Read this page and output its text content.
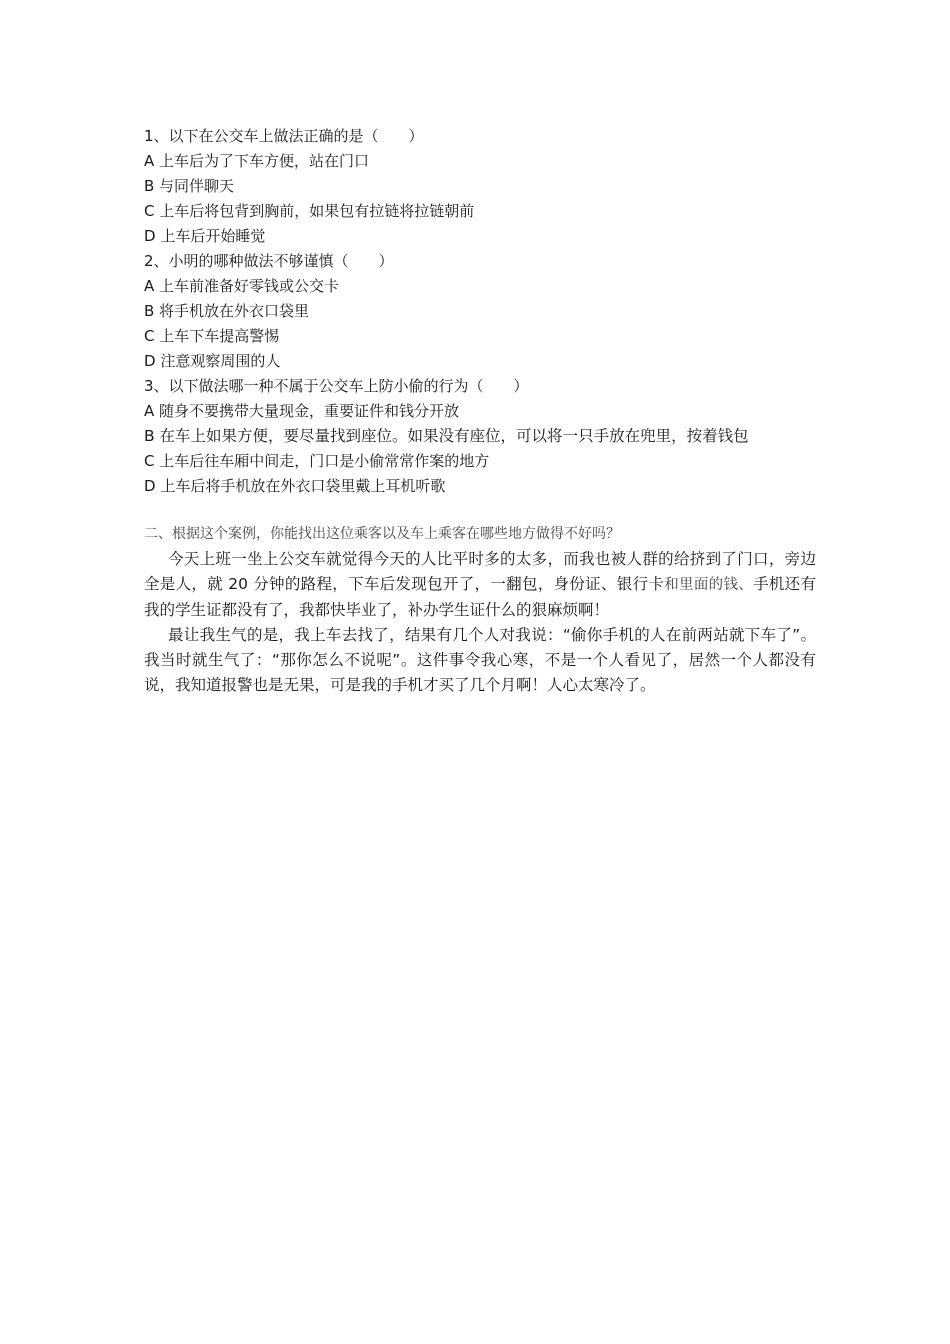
1、以下在公交车上做法正确的是（　　）
A 上车后为了下车方便，站在门口
B 与同伴聊天
C 上车后将包背到胸前，如果包有拉链将拉链朝前
D 上车后开始睡觉
2、小明的哪种做法不够谨慎（　　）
A 上车前准备好零钱或公交卡
B 将手机放在外衣口袋里
C 上车下车提高警惕
D 注意观察周围的人
3、以下做法哪一种不属于公交车上防小偷的行为（　　）
A 随身不要携带大量现金，重要证件和钱分开放
B 在车上如果方便，要尽量找到座位。如果没有座位，可以将一只手放在兜里，按着钱包
C 上车后往车厢中间走，门口是小偷常常作案的地方
D 上车后将手机放在外衣口袋里戴上耳机听歌
二、根据这个案例，你能找出这位乘客以及车上乘客在哪些地方做得不好吗？

今天上班一坐上公交车就觉得今天的人比平时多的太多，而我也被人群的给挤到了门口，旁边全是人，就 20 分钟的路程，下车后发现包开了，一翻包，身份证、银行卡和里面的钱、手机还有我的学生证都没有了，我都快毕业了，补办学生证什么的狠麻烦啊！

最让我生气的是，我上车去找了，结果有几个人对我说：“偷你手机的人在前两站就下车了”。我当时就生气了：“那你怎么不说呢”。这件事令我心寒，不是一个人看见了，居然一个人都没有说，我知道报警也是无果，可是我的手机才买了几个月啊！人心太寒冷了。
